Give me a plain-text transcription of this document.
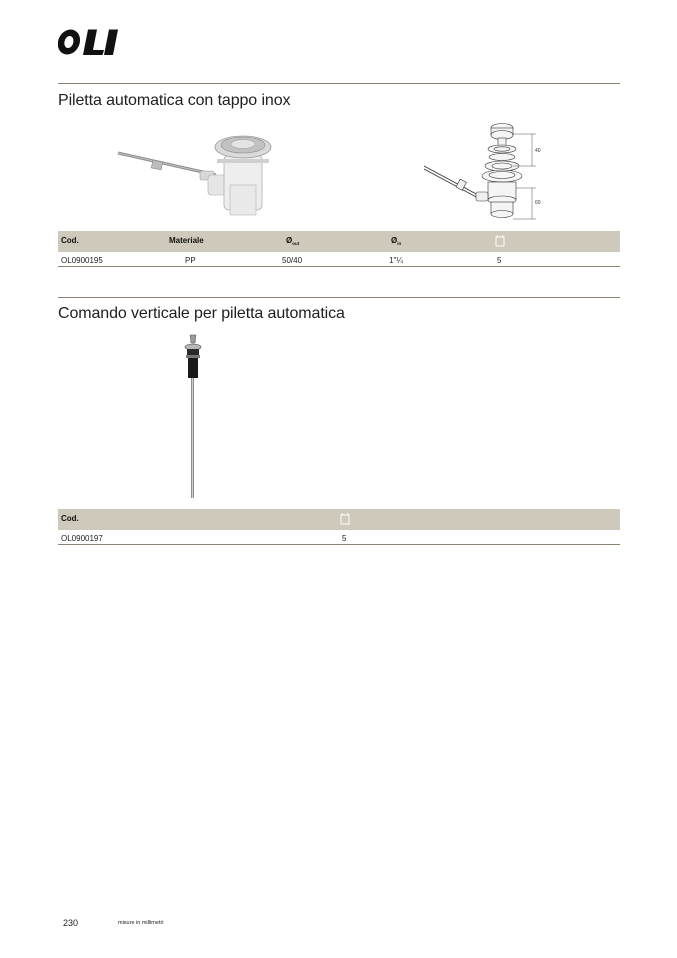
Piletta automatica con tappo inox
40
60
Cod.	Materiale	$Ø_{out}$	$Ø_{in}$
OL0900195	PP	50/40	1"¼	5
Comando verticale per piletta automatica
Cod.
OL0900197	5
230	misure in millimetri
